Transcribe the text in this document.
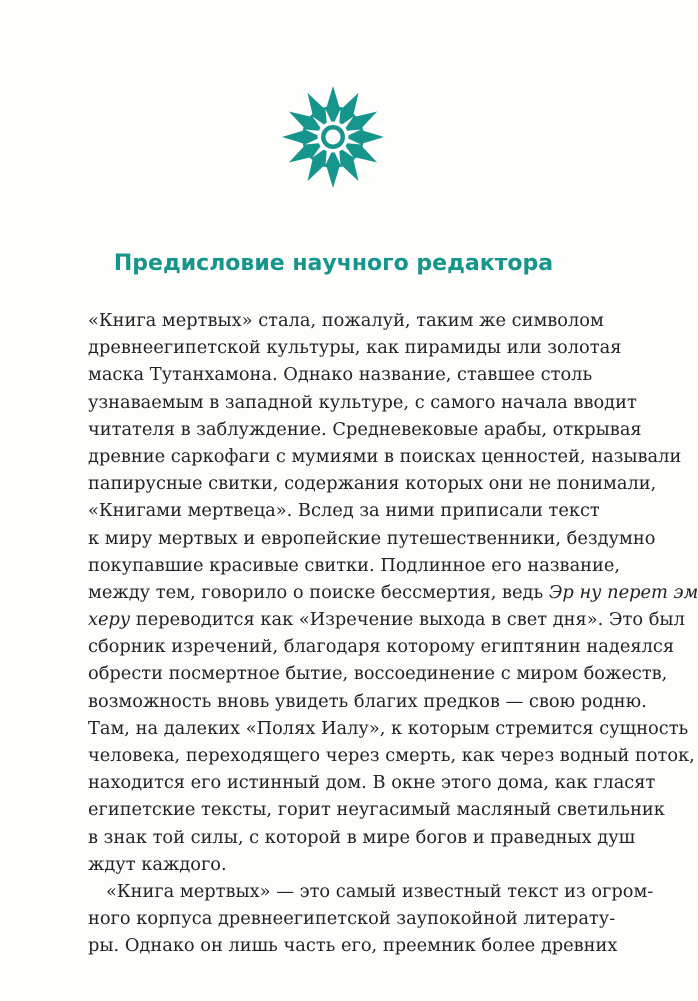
Предисловие научного редактора
«Книга мертвых» стала, пожалуй, таким же символом
древнеегипетской культуры, как пирамиды или золотая
маска Тутанхамона. Однако название, ставшее столь
узнаваемым в западной культуре, с самого начала вводит
читателя в заблуждение. Средневековые арабы, открывая
древние саркофаги с мумиями в поисках ценностей, называли
папирусные свитки, содержания которых они не понимали,
«Книгами мертвеца». Вслед за ними приписали текст
к миру мертвых и европейские путешественники, бездумно
покупавшие красивые свитки. Подлинное его название,
между тем, говорило о поиске бессмертия, ведь Эр ну перет эм
херу переводится как «Изречение выхода в свет дня». Это был
сборник изречений, благодаря которому египтянин надеялся
обрести посмертное бытие, воссоединение с миром божеств,
возможность вновь увидеть благих предков — свою родню.
Там, на далеких «Полях Иалу», к которым стремится сущность
человека, переходящего через смерть, как через водный поток,
находится его истинный дом. В окне этого дома, как гласят
египетские тексты, горит неугасимый масляный светильник
в знак той силы, с которой в мире богов и праведных душ
ждут каждого.
«Книга мертвых» — это самый известный текст из огром-
ного корпуса древнеегипетской заупокойной литерату-
ры. Однако он лишь часть его, преемник более древних
